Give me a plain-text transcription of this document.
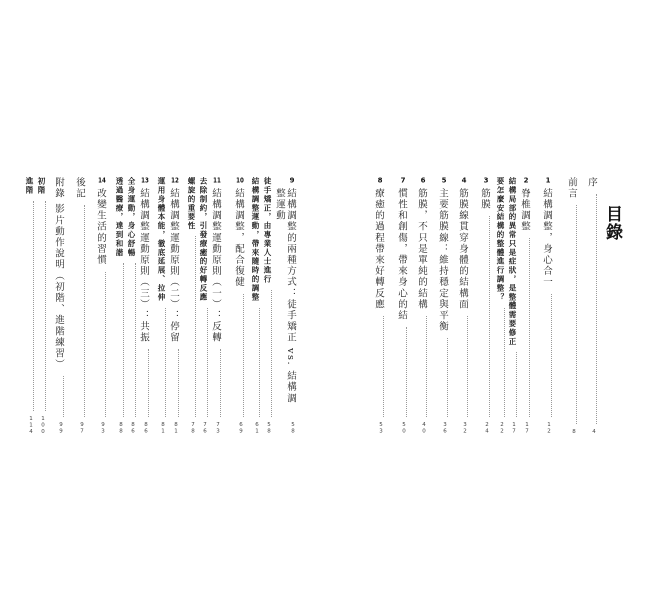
目錄
序
4
前言
8
1
結構調整，身心合一
12
2
脊椎調整
17
結構局部的異常只是症狀，是整體需要修正
17
要怎麼安結構的整體進行調整？
22
3
筋膜
24
4
筋膜線貫穿身體的結構面
32
5
主要筋膜線：維持穩定與平衡
36
6
筋膜，不只是單純的結構
40
7
慣性和創傷，帶來身心的結
50
8
療癒的過程帶來好轉反應
53
9
結構調整的兩種方式：徒手矯正 vs. 結構調整運動
58
徒手矯正，由專業人士進行
58
結構調整運動，帶來隨時的調整
61
10
結構調整，配合復健
69
11
結構調整運動原則（一）：反轉
73
去除制約，引發療癒的好轉反應
76
螺旋的重要性
78
12
結構調整運動原則（二）：停留
81
運用身體本能，徹底延展、拉伸
81
13
結構調整運動原則（三）：共振
86
全身運動，身心舒暢
86
透過醫療，達到和諧
88
14
改變生活的習慣
93
後記
97
附錄 影片動作說明（初階、進階練習）
99
初階
100
進階
114
